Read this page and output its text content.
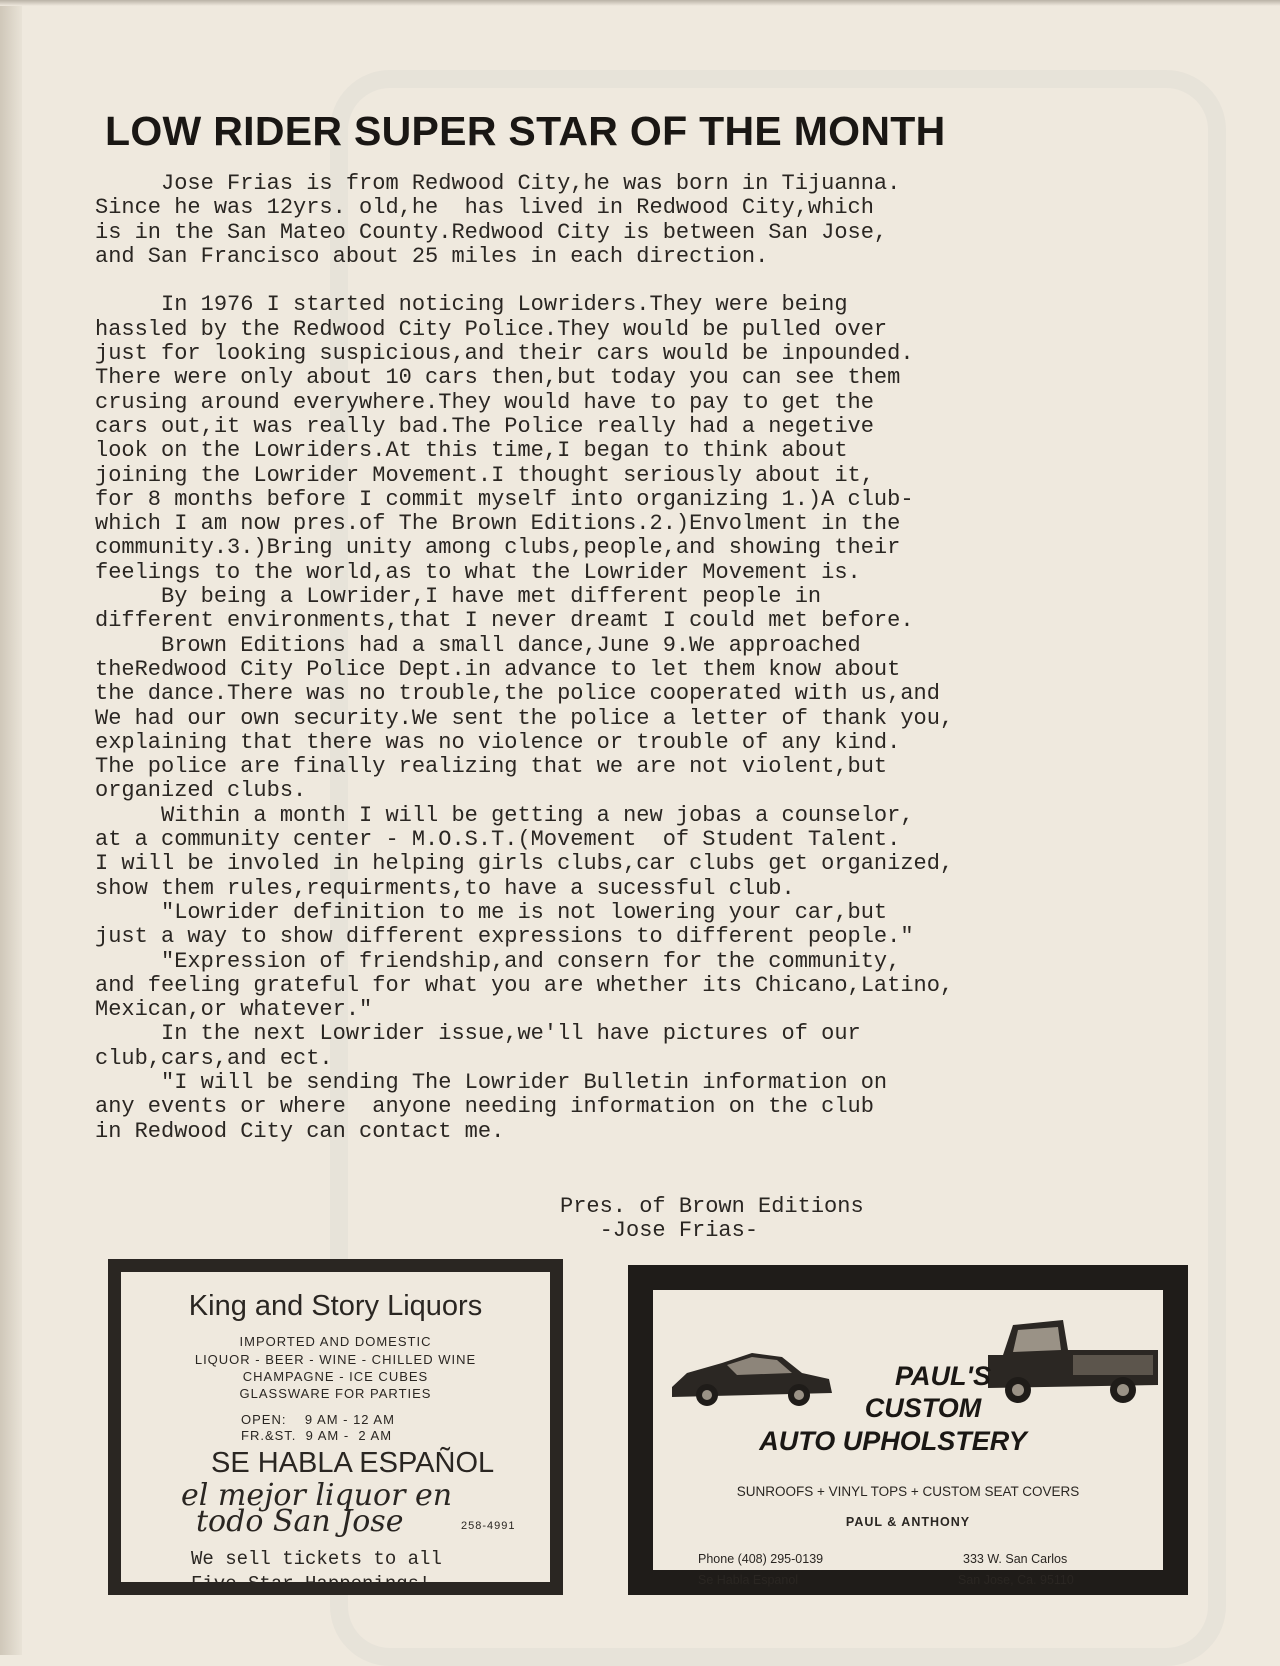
LOW RIDER SUPER STAR OF THE MONTH

Jose Frias is from Redwood City,he was born in Tijuanna.

Since he was 12yrs. old,he  has lived in Redwood City,which

is in the San Mateo County.Redwood City is between San Jose,

and San Francisco about 25 miles in each direction.

In 1976 I started noticing Lowriders.They were being

hassled by the Redwood City Police.They would be pulled over

just for looking suspicious,and their cars would be inpounded.

There were only about 10 cars then,but today you can see them

crusing around everywhere.They would have to pay to get the

cars out,it was really bad.The Police really had a negetive

look on the Lowriders.At this time,I began to think about

joining the Lowrider Movement.I thought seriously about it,

for 8 months before I commit myself into organizing 1.)A club-

which I am now pres.of The Brown Editions.2.)Envolment in the

community.3.)Bring unity among clubs,people,and showing their

feelings to the world,as to what the Lowrider Movement is.

By being a Lowrider,I have met different people in

different environments,that I never dreamt I could met before.

Brown Editions had a small dance,June 9.We approached

theRedwood City Police Dept.in advance to let them know about

the dance.There was no trouble,the police cooperated with us,and

We had our own security.We sent the police a letter of thank you,

explaining that there was no violence or trouble of any kind.

The police are finally realizing that we are not violent,but

organized clubs.

Within a month I will be getting a new jobas a counselor,

at a community center - M.O.S.T.(Movement  of Student Talent.

I will be involed in helping girls clubs,car clubs get organized,

show them rules,requirments,to have a sucessful club.

"Lowrider definition to me is not lowering your car,but

just a way to show different expressions to different people."

"Expression of friendship,and consern for the community,

and feeling grateful for what you are whether its Chicano,Latino,

Mexican,or whatever."

In the next Lowrider issue,we'll have pictures of our

club,cars,and ect.

"I will be sending The Lowrider Bulletin information on

any events or where  anyone needing information on the club

in Redwood City can contact me.

Pres. of Brown Editions
-Jose Frias-
King and Story Liquors
IMPORTED AND DOMESTIC
LIQUOR - BEER - WINE - CHILLED WINE
CHAMPAGNE - ICE CUBES
GLASSWARE FOR PARTIES
OPEN:    9 AM - 12 AM
FR.&ST.  9 AM -  2 AM
SE HABLA ESPAÑOL
el mejor liquor en
todo San Jose	258-4991
We sell tickets to all
Five Star Happenings!
PAUL'S
CUSTOM
AUTO UPHOLSTERY
SUNROOFS + VINYL TOPS + CUSTOM SEAT COVERS
PAUL & ANTHONY
Phone (408) 295-0139
Se Habla Espanol
333 W. San Carlos
San Jose, Ca. 95110
